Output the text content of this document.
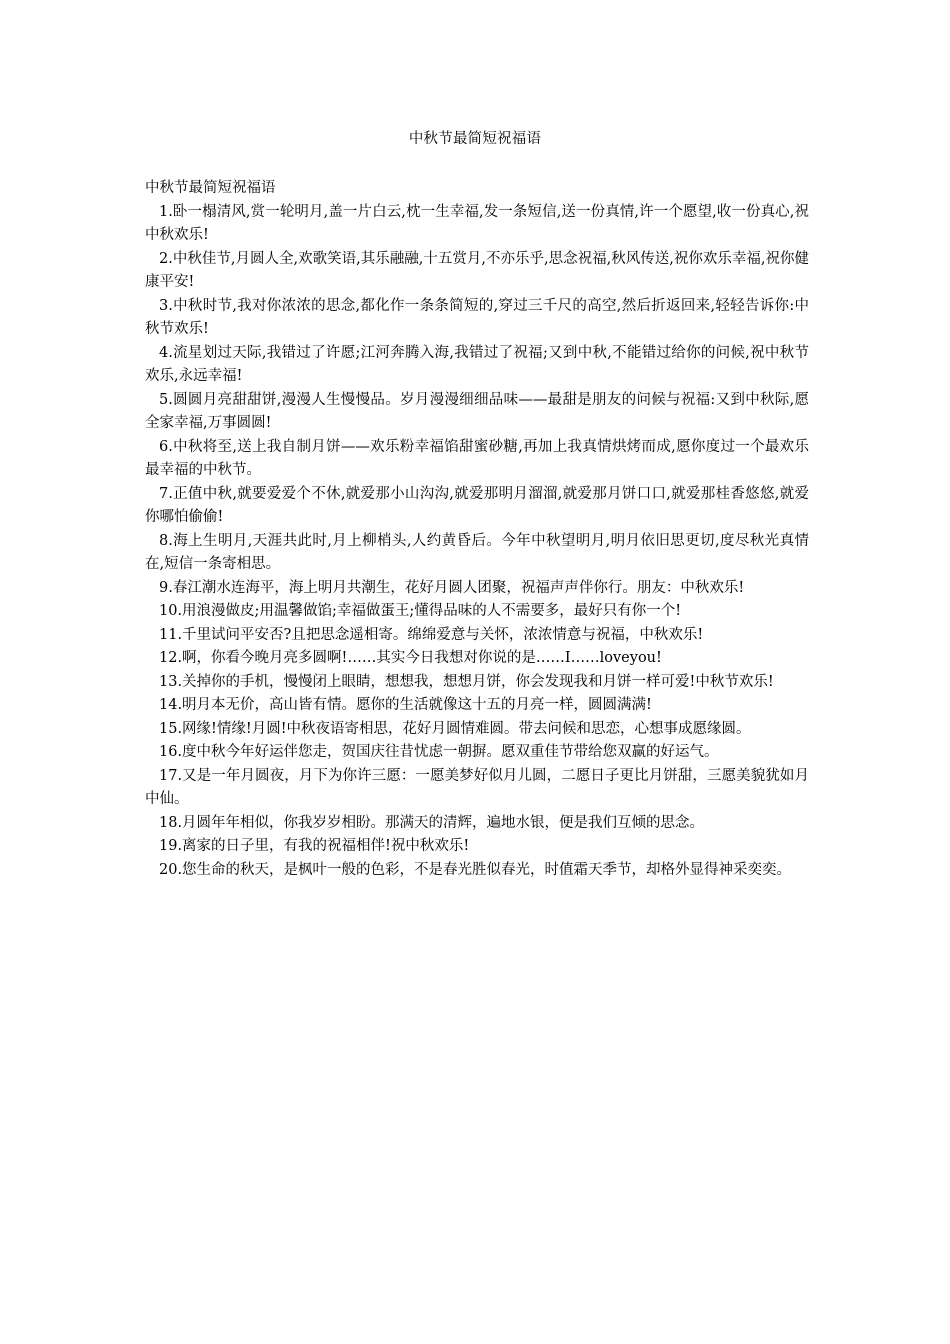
中秋节最简短祝福语

中秋节最简短祝福语

1.卧一榻清风,赏一轮明月,盖一片白云,枕一生幸福,发一条短信,送一份真情,许一个愿望,收一份真心,祝中秋欢乐!
2.中秋佳节,月圆人全,欢歌笑语,其乐融融,十五赏月,不亦乐乎,思念祝福,秋风传送,祝你欢乐幸福,祝你健康平安!
3.中秋时节,我对你浓浓的思念,都化作一条条简短的,穿过三千尺的高空,然后折返回来,轻轻告诉你:中秋节欢乐!
4.流星划过天际,我错过了许愿;江河奔腾入海,我错过了祝福;又到中秋,不能错过给你的问候,祝中秋节欢乐,永远幸福!
5.圆圆月亮甜甜饼,漫漫人生慢慢品。岁月漫漫细细品味——最甜是朋友的问候与祝福:又到中秋际,愿全家幸福,万事圆圆!
6.中秋将至,送上我自制月饼——欢乐粉幸福馅甜蜜砂糖,再加上我真情烘烤而成,愿你度过一个最欢乐最幸福的中秋节。
7.正值中秋,就要爱爱个不休,就爱那小山沟沟,就爱那明月溜溜,就爱那月饼口口,就爱那桂香悠悠,就爱你哪怕偷偷!
8.海上生明月,天涯共此时,月上柳梢头,人约黄昏后。今年中秋望明月,明月依旧思更切,度尽秋光真情在,短信一条寄相思。
9.春江潮水连海平，海上明月共潮生，花好月圆人团聚，祝福声声伴你行。朋友：中秋欢乐!
10.用浪漫做皮;用温馨做馅;幸福做蛋王;懂得品味的人不需要多，最好只有你一个!
11.千里试问平安否?且把思念遥相寄。绵绵爱意与关怀，浓浓情意与祝福，中秋欢乐!
12.啊，你看今晚月亮多圆啊!……其实今日我想对你说的是……I……loveyou!
13.关掉你的手机，慢慢闭上眼睛，想想我，想想月饼，你会发现我和月饼一样可爱!中秋节欢乐!
14.明月本无价，高山皆有情。愿你的生活就像这十五的月亮一样，圆圆满满!
15.网缘!情缘!月圆!中秋夜语寄相思，花好月圆情难圆。带去问候和思恋，心想事成愿缘圆。
16.度中秋今年好运伴您走，贺国庆往昔忧虑一朝摒。愿双重佳节带给您双赢的好运气。
17.又是一年月圆夜，月下为你许三愿：一愿美梦好似月儿圆，二愿日子更比月饼甜，三愿美貌犹如月中仙。
18.月圆年年相似，你我岁岁相盼。那满天的清辉，遍地水银，便是我们互倾的思念。
19.离家的日子里，有我的祝福相伴!祝中秋欢乐!
20.您生命的秋天，是枫叶一般的色彩，不是春光胜似春光，时值霜天季节，却格外显得神采奕奕。
